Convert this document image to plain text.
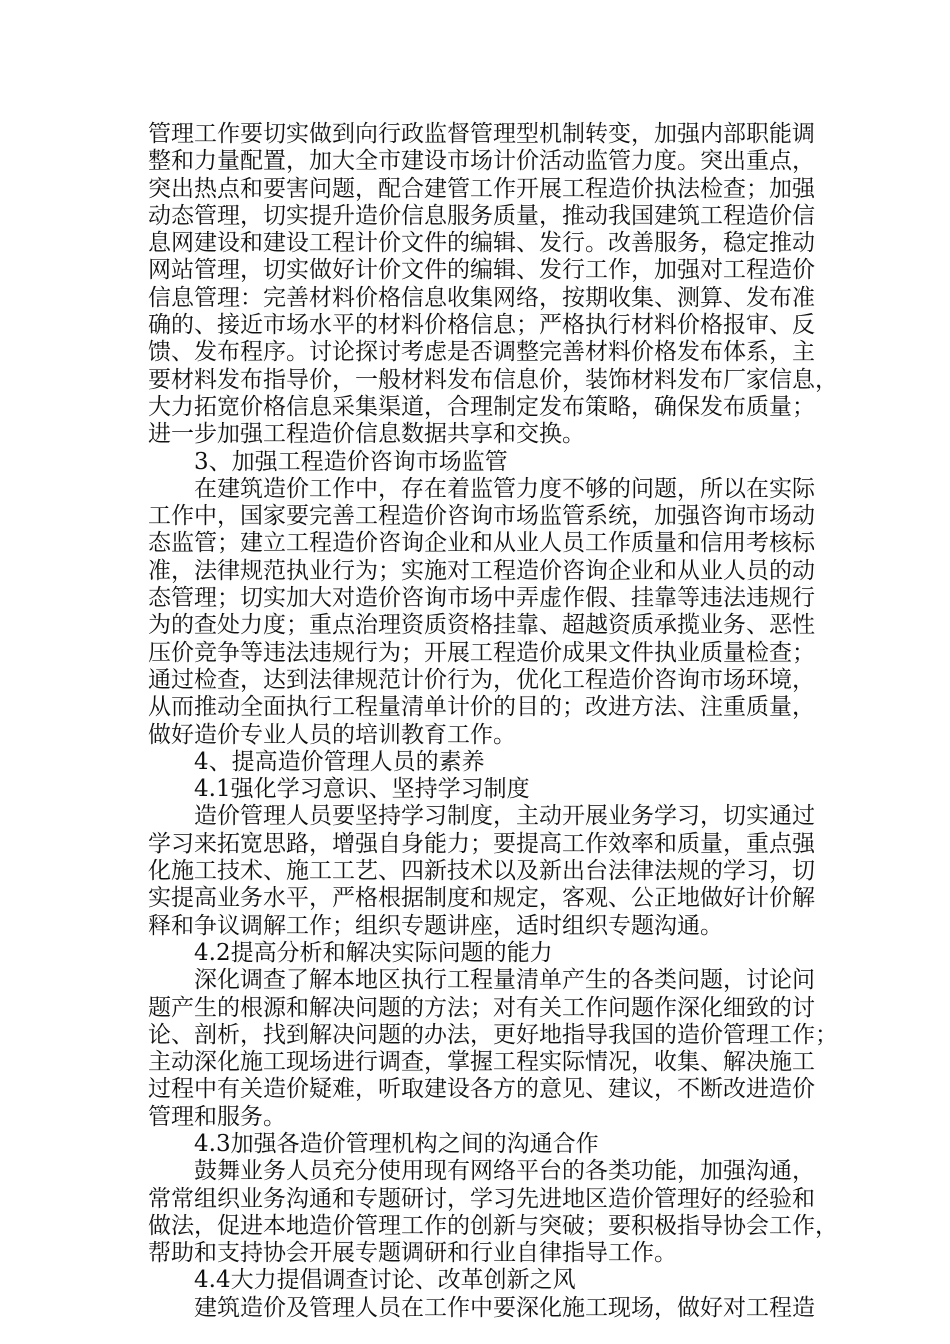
管理工作要切实做到向行政监督管理型机制转变，加强内部职能调
整和力量配置，加大全市建设市场计价活动监管力度。突出重点，
突出热点和要害问题，配合建管工作开展工程造价执法检查；加强
动态管理，切实提升造价信息服务质量，推动我国建筑工程造价信
息网建设和建设工程计价文件的编辑、发行。改善服务，稳定推动
网站管理，切实做好计价文件的编辑、发行工作，加强对工程造价
信息管理：完善材料价格信息收集网络，按期收集、测算、发布准
确的、接近市场水平的材料价格信息；严格执行材料价格报审、反
馈、发布程序。讨论探讨考虑是否调整完善材料价格发布体系，主
要材料发布指导价，一般材料发布信息价，装饰材料发布厂家信息，
大力拓宽价格信息采集渠道，合理制定发布策略，确保发布质量；
进一步加强工程造价信息数据共享和交换。
3、加强工程造价咨询市场监管
在建筑造价工作中，存在着监管力度不够的问题，所以在实际
工作中，国家要完善工程造价咨询市场监管系统，加强咨询市场动
态监管；建立工程造价咨询企业和从业人员工作质量和信用考核标
准，法律规范执业行为；实施对工程造价咨询企业和从业人员的动
态管理；切实加大对造价咨询市场中弄虚作假、挂靠等违法违规行
为的查处力度；重点治理资质资格挂靠、超越资质承揽业务、恶性
压价竞争等违法违规行为；开展工程造价成果文件执业质量检查；
通过检查，达到法律规范计价行为，优化工程造价咨询市场环境，
从而推动全面执行工程量清单计价的目的；改进方法、注重质量，
做好造价专业人员的培训教育工作。
4、提高造价管理人员的素养
4.1强化学习意识、坚持学习制度
造价管理人员要坚持学习制度，主动开展业务学习，切实通过
学习来拓宽思路，增强自身能力；要提高工作效率和质量，重点强
化施工技术、施工工艺、四新技术以及新出台法律法规的学习，切
实提高业务水平，严格根据制度和规定，客观、公正地做好计价解
释和争议调解工作；组织专题讲座，适时组织专题沟通。
4.2提高分析和解决实际问题的能力
深化调查了解本地区执行工程量清单产生的各类问题，讨论问
题产生的根源和解决问题的方法；对有关工作问题作深化细致的讨
论、剖析，找到解决问题的办法，更好地指导我国的造价管理工作；
主动深化施工现场进行调查，掌握工程实际情况，收集、解决施工
过程中有关造价疑难，听取建设各方的意见、建议，不断改进造价
管理和服务。
4.3加强各造价管理机构之间的沟通合作
鼓舞业务人员充分使用现有网络平台的各类功能，加强沟通，
常常组织业务沟通和专题研讨，学习先进地区造价管理好的经验和
做法，促进本地造价管理工作的创新与突破；要积极指导协会工作，
帮助和支持协会开展专题调研和行业自律指导工作。
4.4大力提倡调查讨论、改革创新之风
建筑造价及管理人员在工作中要深化施工现场，做好对工程造
